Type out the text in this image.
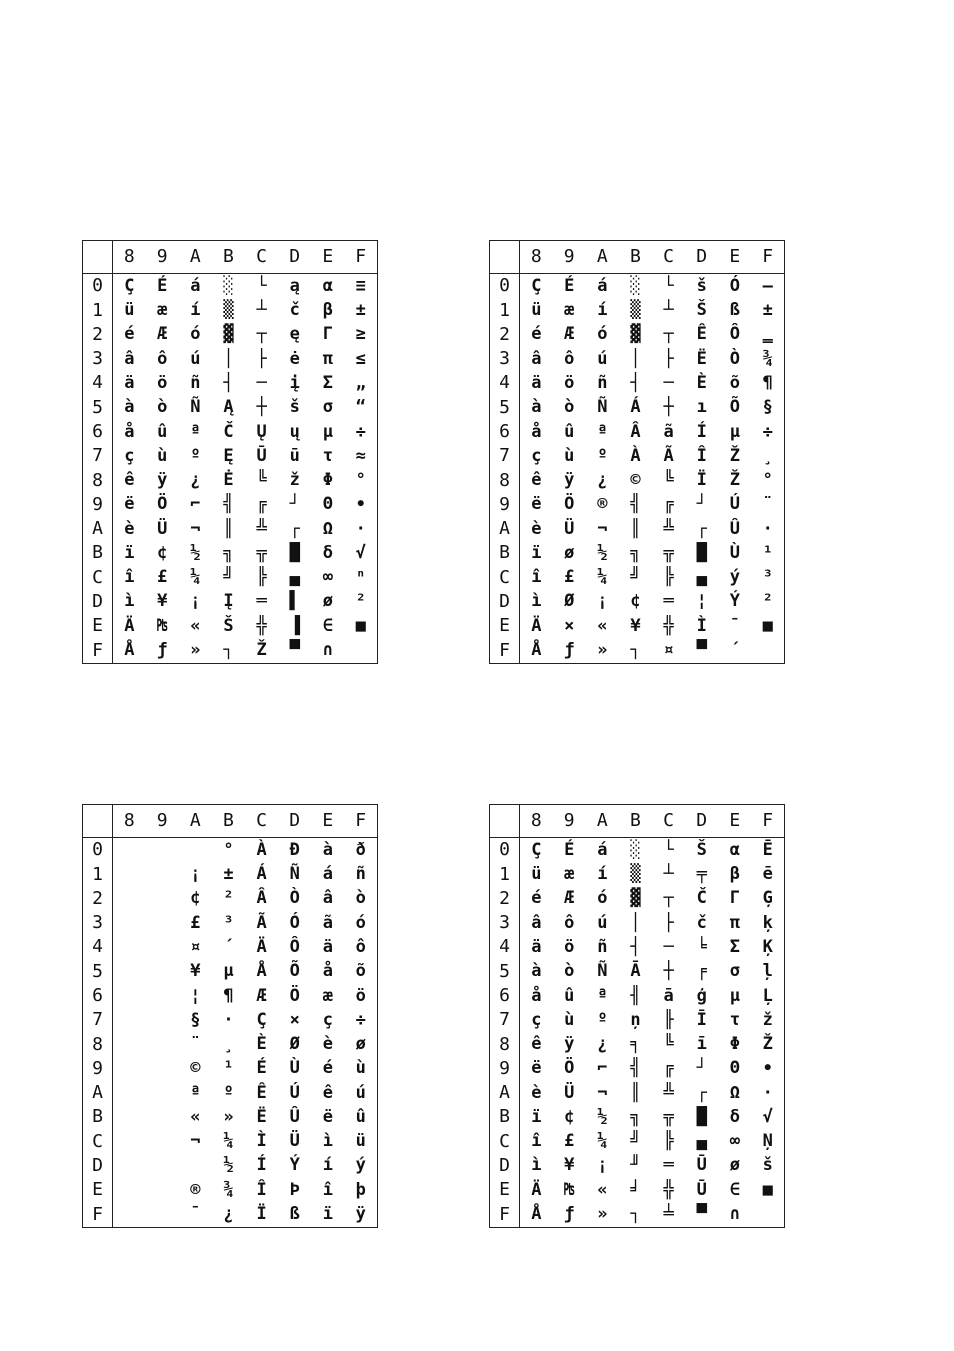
	8	9	A	B	C	D	E	F
0	Ç	É	á	░	└	ą	α	≡
1	ü	æ	í	▒	┴	č	β	±
2	é	Æ	ó	▓	┬	ę	Γ	≥
3	â	ô	ú	│	├	ė	π	≤
4	ä	ö	ñ	┤	─	į	Σ	„
5	à	ò	Ñ	Ą	┼	š	σ	“
6	å	û	ª	Č	Ų	ų	µ	÷
7	ç	ù	º	Ę	Ū	ū	τ	≈
8	ê	ÿ	¿	Ė	╚	ž	Φ	°
9	ë	Ö	⌐	╣	╔	┘	Θ	∙
A	è	Ü	¬	║	╩	┌	Ω	·
B	ï	¢	½	╗	╦	█	δ	√
C	î	£	¼	╝	╠	▄	∞	ⁿ
D	ì	¥	¡	Į	═	▌	ø	²
E	Ä	₧	«	Š	╬	▐	∈	■
F	Å	ƒ	»	┐	Ž	▀	∩	
	8	9	A	B	C	D	E	F
0	Ç	É	á	░	└	š	Ó	—
1	ü	æ	í	▒	┴	Š	ß	±
2	é	Æ	ó	▓	┬	Ê	Ô	‗
3	â	ô	ú	│	├	Ë	Ò	¾
4	ä	ö	ñ	┤	─	È	õ	¶
5	à	ò	Ñ	Á	┼	ı	Õ	§
6	å	û	ª	Â	ã	Í	µ	÷
7	ç	ù	º	À	Ã	Î	Ž	¸
8	ê	ÿ	¿	©	╚	Ï	Ž	°
9	ë	Ö	®	╣	╔	┘	Ú	¨
A	è	Ü	¬	║	╩	┌	Û	·
B	ï	ø	½	╗	╦	█	Ù	¹
C	î	£	¼	╝	╠	▄	ý	³
D	ì	Ø	¡	¢	═	¦	Ý	²
E	Ä	×	«	¥	╬	Ì	¯	■
F	Å	ƒ	»	┐	¤	▀	´	
	8	9	A	B	C	D	E	F
0				°	À	Ð	à	ð
1			¡	±	Á	Ñ	á	ñ
2			¢	²	Â	Ò	â	ò
3			£	³	Ã	Ó	ã	ó
4			¤	´	Ä	Ô	ä	ô
5			¥	µ	Å	Õ	å	õ
6			¦	¶	Æ	Ö	æ	ö
7			§	·	Ç	×	ç	÷
8			¨	¸	È	Ø	è	ø
9			©	¹	É	Ù	é	ù
A			ª	º	Ê	Ú	ê	ú
B			«	»	Ë	Û	ë	û
C			¬	¼	Ì	Ü	ì	ü
D				½	Í	Ý	í	ý
E			®	¾	Î	Þ	î	þ
F			¯	¿	Ï	ß	ï	ÿ
	8	9	A	B	C	D	E	F
0	Ç	É	á	░	└	Š	α	Ē
1	ü	æ	í	▒	┴	╤	β	ē
2	é	Æ	ó	▓	┬	Č	Γ	Ģ
3	â	ô	ú	│	├	č	π	ķ
4	ä	ö	ñ	┤	─	╘	Σ	Ķ
5	à	ò	Ñ	Ā	┼	╒	σ	ļ
6	å	û	ª	╢	ā	ģ	µ	Ļ
7	ç	ù	º	ņ	╟	Ī	τ	ž
8	ê	ÿ	¿	╕	╚	ī	Φ	Ž
9	ë	Ö	⌐	╣	╔	┘	Θ	∙
A	è	Ü	¬	║	╩	┌	Ω	·
B	ï	¢	½	╗	╦	█	δ	√
C	î	£	¼	╝	╠	▄	∞	Ņ
D	ì	¥	¡	╜	═	Ū	ø	š
E	Ä	₧	«	╛	╬	Ū	∈	■
F	Å	ƒ	»	┐	╧	▀	∩	
